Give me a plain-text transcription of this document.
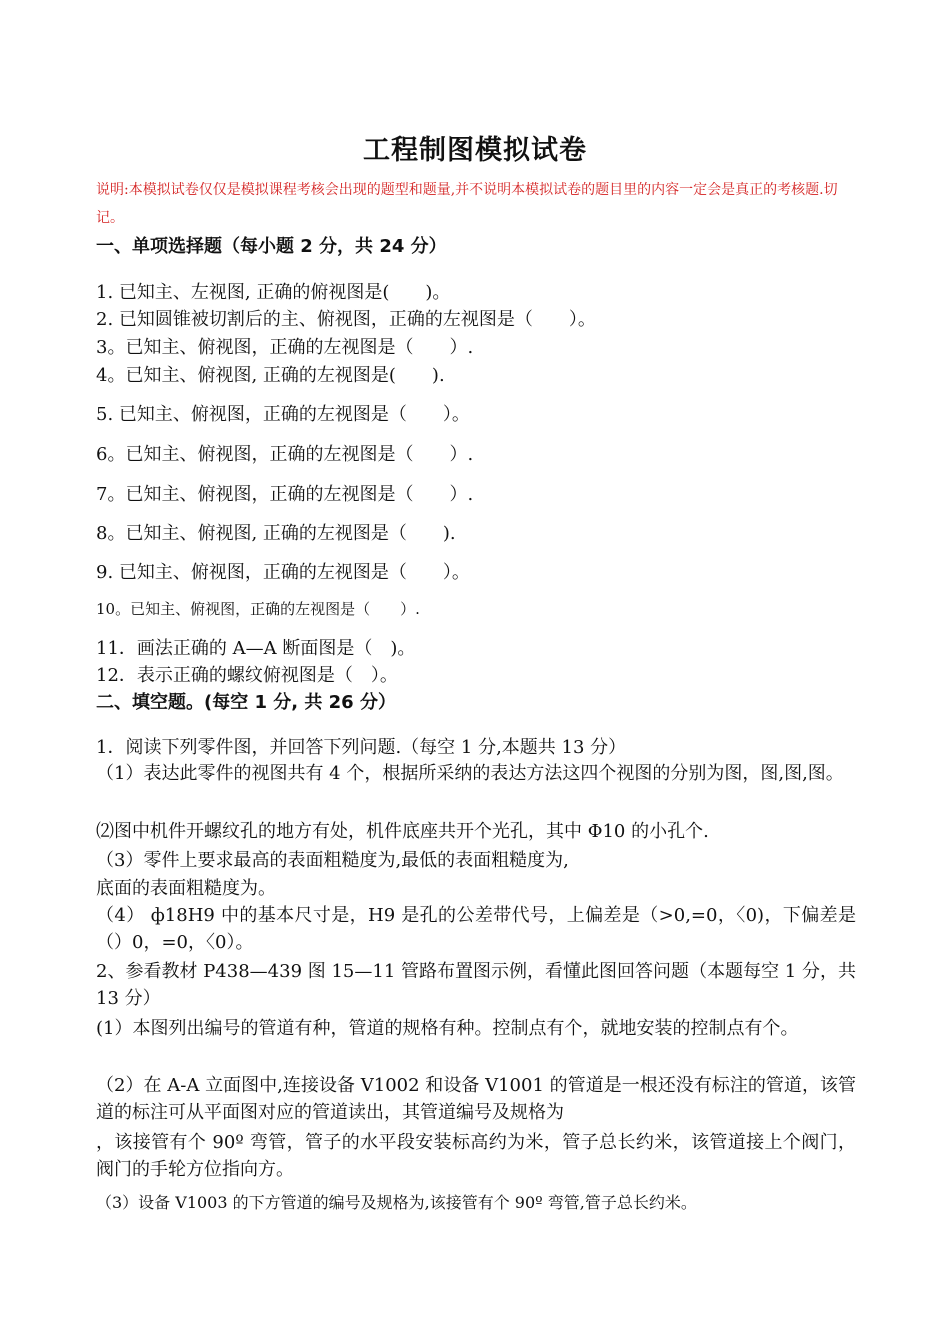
工程制图模拟试卷
说明:本模拟试卷仅仅是模拟课程考核会出现的题型和题量,并不说明本模拟试卷的题目里的内容一定会是真正的考核题.切记。
一、单项选择题（每小题 2 分，共 24 分）
1. 已知主、左视图, 正确的俯视图是(　　)。
2. 已知圆锥被切割后的主、俯视图，正确的左视图是（　　）。
3。已知主、俯视图，正确的左视图是（　　）.
4。已知主、俯视图, 正确的左视图是(　　).
5. 已知主、俯视图，正确的左视图是（　　）。
6。已知主、俯视图，正确的左视图是（　　）.
7。已知主、俯视图，正确的左视图是（　　）.
8。已知主、俯视图, 正确的左视图是（　　).
9. 已知主、俯视图，正确的左视图是（　　）。
10。已知主、俯视图，正确的左视图是（　　）.
11．画法正确的 A—A 断面图是（　)。
12．表示正确的螺纹俯视图是（　）。
二、填空题。(每空 1 分, 共 26 分）
1．阅读下列零件图，并回答下列问题.（每空 1 分,本题共 13 分）
（1）表达此零件的视图共有 4 个，根据所采纳的表达方法这四个视图的分别为图，图,图,图。
⑵图中机件开螺纹孔的地方有处，机件底座共开个光孔，其中 Φ10 的小孔个.
（3）零件上要求最高的表面粗糙度为,最低的表面粗糙度为,
底面的表面粗糙度为。
（4） ф18H9 中的基本尺寸是，H9 是孔的公差带代号，上偏差是（>0,=0，〈0)，下偏差是（）0，=0，〈0）。
2、参看教材 P438—439 图 15—11 管路布置图示例，看懂此图回答问题（本题每空 1 分，共 13 分）
(1）本图列出编号的管道有种，管道的规格有种。控制点有个，就地安装的控制点有个。
（2）在 A-A 立面图中,连接设备 V1002 和设备 V1001 的管道是一根还没有标注的管道，该管道的标注可从平面图对应的管道读出，其管道编号及规格为
，该接管有个 90º 弯管，管子的水平段安装标高约为米，管子总长约米，该管道接上个阀门，阀门的手轮方位指向方。
（3）设备 V1003 的下方管道的编号及规格为,该接管有个 90º 弯管,管子总长约米。
